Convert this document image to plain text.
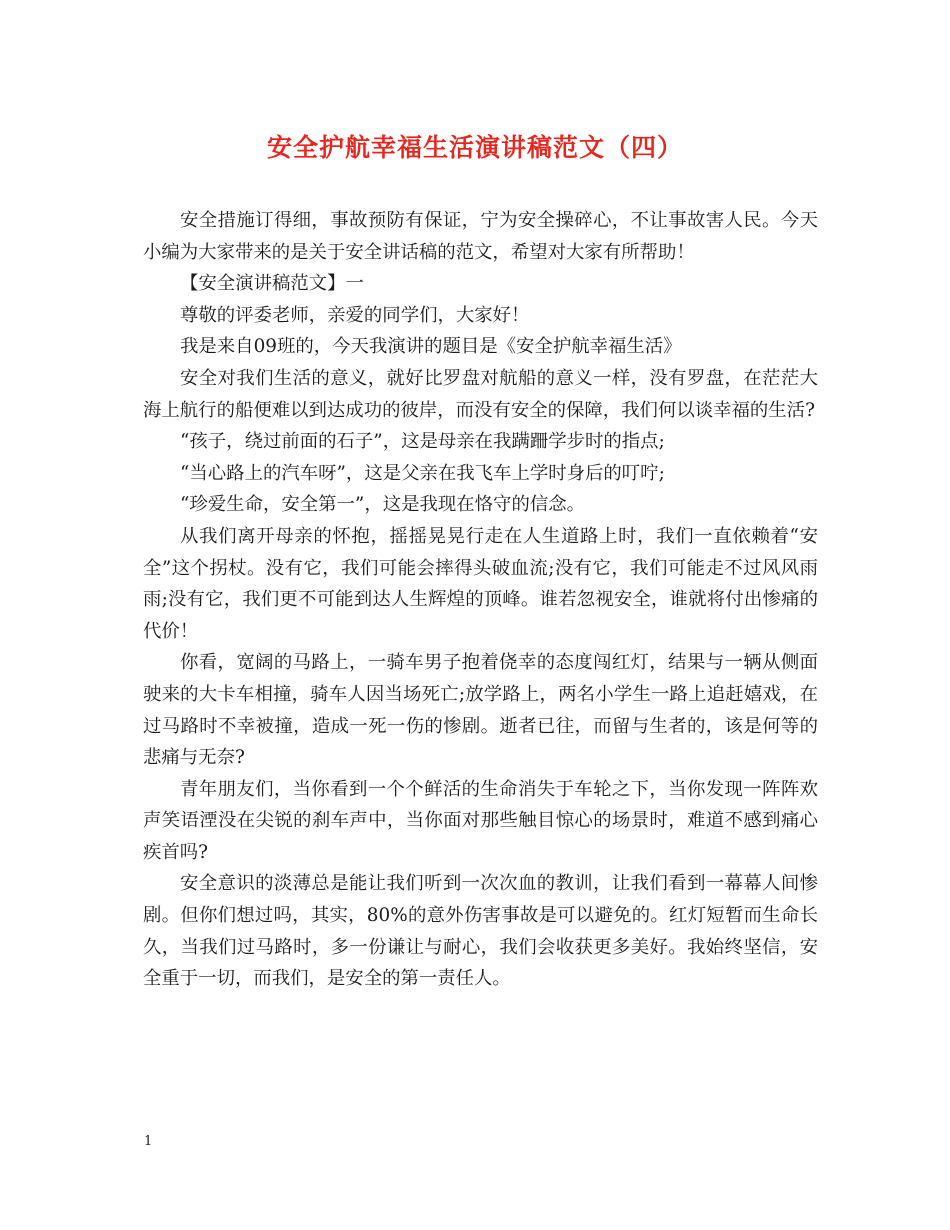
安全护航幸福生活演讲稿范文（四）

安全措施订得细，事故预防有保证，宁为安全操碎心，不让事故害人民。今天小编为大家带来的是关于安全讲话稿的范文，希望对大家有所帮助！

【安全演讲稿范文】一

尊敬的评委老师，亲爱的同学们，大家好！

我是来自09班的，今天我演讲的题目是《安全护航幸福生活》

安全对我们生活的意义，就好比罗盘对航船的意义一样，没有罗盘，在茫茫大海上航行的船便难以到达成功的彼岸，而没有安全的保障，我们何以谈幸福的生活?

“孩子，绕过前面的石子”，这是母亲在我蹒跚学步时的指点;

“当心路上的汽车呀”，这是父亲在我飞车上学时身后的叮咛;

“珍爱生命，安全第一”，这是我现在恪守的信念。

从我们离开母亲的怀抱，摇摇晃晃行走在人生道路上时，我们一直依赖着“安全”这个拐杖。没有它，我们可能会摔得头破血流;没有它，我们可能走不过风风雨雨;没有它，我们更不可能到达人生辉煌的顶峰。谁若忽视安全，谁就将付出惨痛的代价！

你看，宽阔的马路上，一骑车男子抱着侥幸的态度闯红灯，结果与一辆从侧面驶来的大卡车相撞，骑车人因当场死亡;放学路上，两名小学生一路上追赶嬉戏，在过马路时不幸被撞，造成一死一伤的惨剧。逝者已往，而留与生者的，该是何等的悲痛与无奈?

青年朋友们，当你看到一个个鲜活的生命消失于车轮之下，当你发现一阵阵欢声笑语湮没在尖锐的刹车声中，当你面对那些触目惊心的场景时，难道不感到痛心疾首吗?

安全意识的淡薄总是能让我们听到一次次血的教训，让我们看到一幕幕人间惨剧。但你们想过吗，其实，80%的意外伤害事故是可以避免的。红灯短暂而生命长久，当我们过马路时，多一份谦让与耐心，我们会收获更多美好。我始终坚信，安全重于一切，而我们，是安全的第一责任人。

1
